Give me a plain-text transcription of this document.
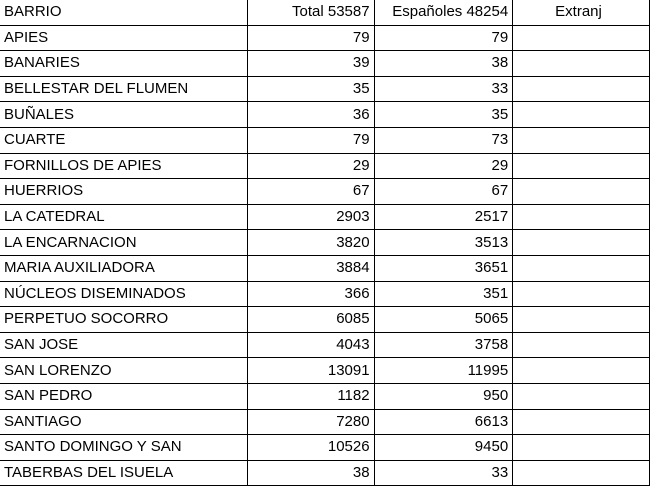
BARRIO	Total 53587	Españoles 48254	Extranj
APIES	79	79	
BANARIES	39	38	
BELLESTAR DEL FLUMEN	35	33	
BUÑALES	36	35	
CUARTE	79	73	
FORNILLOS DE APIES	29	29	
HUERRIOS	67	67	
LA CATEDRAL	2903	2517	
LA ENCARNACION	3820	3513	
MARIA AUXILIADORA	3884	3651	
NÚCLEOS DISEMINADOS	366	351	
PERPETUO SOCORRO	6085	5065	
SAN JOSE	4043	3758	
SAN LORENZO	13091	11995	
SAN PEDRO	1182	950	
SANTIAGO	7280	6613	
SANTO DOMINGO Y SAN	10526	9450	
TABERBAS DEL ISUELA	38	33	
